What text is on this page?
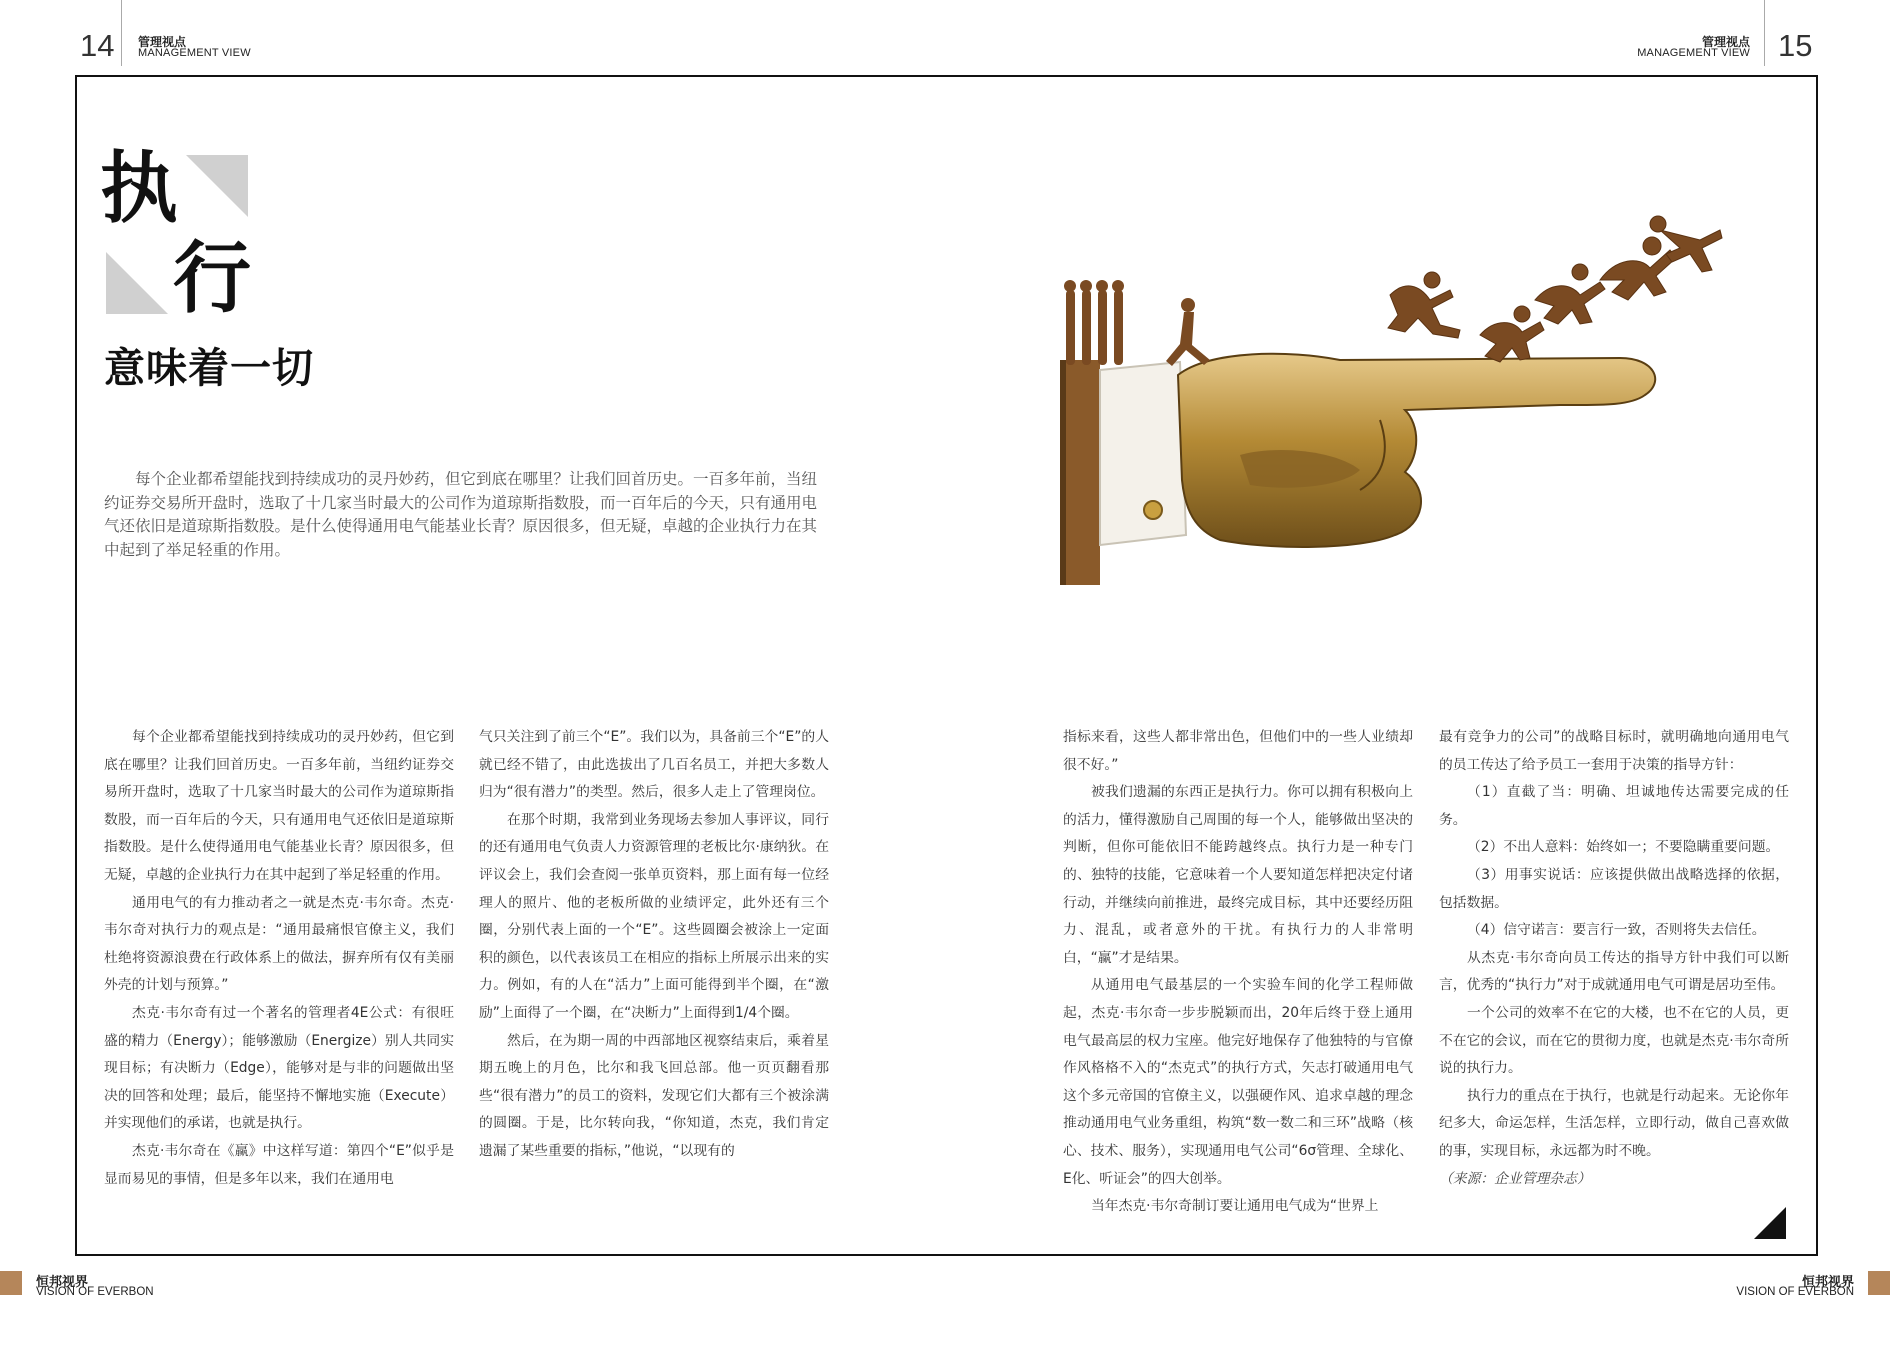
14 管理视点
MANAGEMENT VIEW
管理视点
MANAGEMENT VIEW 15
执
行
意味着一切

每个企业都希望能找到持续成功的灵丹妙药，但它到底在哪里？让我们回首历史。一百多年前，当纽约证券交易所开盘时，选取了十几家当时最大的公司作为道琼斯指数股，而一百年后的今天，只有通用电气还依旧是道琼斯指数股。是什么使得通用电气能基业长青？原因很多，但无疑，卓越的企业执行力在其中起到了举足轻重的作用。

每个企业都希望能找到持续成功的灵丹妙药，但它到底在哪里？让我们回首历史。一百多年前，当纽约证券交易所开盘时，选取了十几家当时最大的公司作为道琼斯指数股，而一百年后的今天，只有通用电气还依旧是道琼斯指数股。是什么使得通用电气能基业长青？原因很多，但无疑，卓越的企业执行力在其中起到了举足轻重的作用。

通用电气的有力推动者之一就是杰克·韦尔奇。杰克·韦尔奇对执行力的观点是：“通用最痛恨官僚主义，我们杜绝将资源浪费在行政体系上的做法，摒弃所有仅有美丽外壳的计划与预算。”

杰克·韦尔奇有过一个著名的管理者4E公式：有很旺盛的精力（Energy）；能够激励（Energize）别人共同实现目标；有决断力（Edge），能够对是与非的问题做出坚决的回答和处理；最后，能坚持不懈地实施（Execute）并实现他们的承诺，也就是执行。

杰克·韦尔奇在《赢》中这样写道：第四个“E”似乎是显而易见的事情，但是多年以来，我们在通用电

气只关注到了前三个“E”。我们以为，具备前三个“E”的人就已经不错了，由此选拔出了几百名员工，并把大多数人归为“很有潜力”的类型。然后，很多人走上了管理岗位。

在那个时期，我常到业务现场去参加人事评议，同行的还有通用电气负责人力资源管理的老板比尔·康纳狄。在评议会上，我们会查阅一张单页资料，那上面有每一位经理人的照片、他的老板所做的业绩评定，此外还有三个圈，分别代表上面的一个“E”。这些圆圈会被涂上一定面积的颜色，以代表该员工在相应的指标上所展示出来的实力。例如，有的人在“活力”上面可能得到半个圈，在“激励”上面得了一个圈，在“决断力”上面得到1/4个圈。

然后，在为期一周的中西部地区视察结束后，乘着星期五晚上的月色，比尔和我飞回总部。他一页页翻看那些“很有潜力”的员工的资料，发现它们大都有三个被涂满的圆圈。于是，比尔转向我，“你知道，杰克，我们肯定遗漏了某些重要的指标，”他说，“以现有的

指标来看，这些人都非常出色，但他们中的一些人业绩却很不好。”

被我们遗漏的东西正是执行力。你可以拥有积极向上的活力，懂得激励自己周围的每一个人，能够做出坚决的判断，但你可能依旧不能跨越终点。执行力是一种专门的、独特的技能，它意味着一个人要知道怎样把决定付诸行动，并继续向前推进，最终完成目标，其中还要经历阻力、混乱，或者意外的干扰。有执行力的人非常明白，“赢”才是结果。

从通用电气最基层的一个实验车间的化学工程师做起，杰克·韦尔奇一步步脱颖而出，20年后终于登上通用电气最高层的权力宝座。他完好地保存了他独特的与官僚作风格格不入的“杰克式”的执行方式，矢志打破通用电气这个多元帝国的官僚主义，以强硬作风、追求卓越的理念推动通用电气业务重组，构筑“数一数二和三环”战略（核心、技术、服务），实现通用电气公司“6σ管理、全球化、E化、听证会”的四大创举。

当年杰克·韦尔奇制订要让通用电气成为“世界上

最有竞争力的公司”的战略目标时，就明确地向通用电气的员工传达了给予员工一套用于决策的指导方针：

（1）直截了当：明确、坦诚地传达需要完成的任务。

（2）不出人意料：始终如一；不要隐瞒重要问题。

（3）用事实说话：应该提供做出战略选择的依据，包括数据。

（4）信守诺言：要言行一致，否则将失去信任。

从杰克·韦尔奇向员工传达的指导方针中我们可以断言，优秀的“执行力”对于成就通用电气可谓是居功至伟。

一个公司的效率不在它的大楼，也不在它的人员，更不在它的会议，而在它的贯彻力度，也就是杰克·韦尔奇所说的执行力。

执行力的重点在于执行，也就是行动起来。无论你年纪多大，命运怎样，生活怎样，立即行动，做自己喜欢做的事，实现目标，永远都为时不晚。

（来源：企业管理杂志）

恒邦视界
VISION OF EVERBON
恒邦视界
VISION OF EVERBON
